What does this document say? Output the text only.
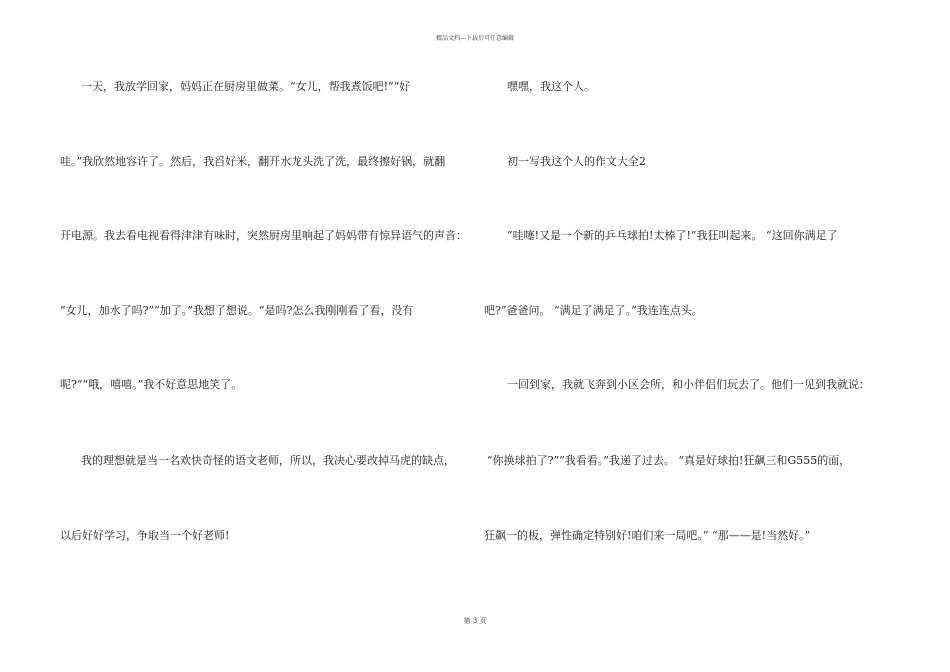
精品文档---下载后可任意编辑
一天，我放学回家，妈妈正在厨房里做菜。“女儿，帮我煮饭吧!”“好
哇。”我欣然地容许了。然后，我舀好米，翻开水龙头洗了洗，最终擦好锅，就翻
开电源。我去看电视看得津津有味时，突然厨房里响起了妈妈带有惊异语气的声音：
“女儿，加水了吗?”“加了。”我想了想说。“是吗?怎么我刚刚看了看，没有
呢?”“哦，嘻嘻。”我不好意思地笑了。
我的理想就是当一名欢快奇怪的语文老师，所以，我决心要改掉马虎的缺点，
以后好好学习，争取当一个好老师!
嘿嘿，我这个人。
初一写我这个人的作文大全2
“哇噻!又是一个新的乒乓球拍!太棒了!”我狂叫起来。 “这回你满足了
吧?”爸爸问。 “满足了满足了。”我连连点头。
一回到家，我就飞奔到小区会所，和小伴侣们玩去了。他们一见到我就说：
“你换球拍了?”“我看看。”我递了过去。 “真是好球拍!狂飙三和G555的面，
狂飙一的板，弹性确定特别好!咱们来一局吧。” “那——是!当然好。”
第 3 页
